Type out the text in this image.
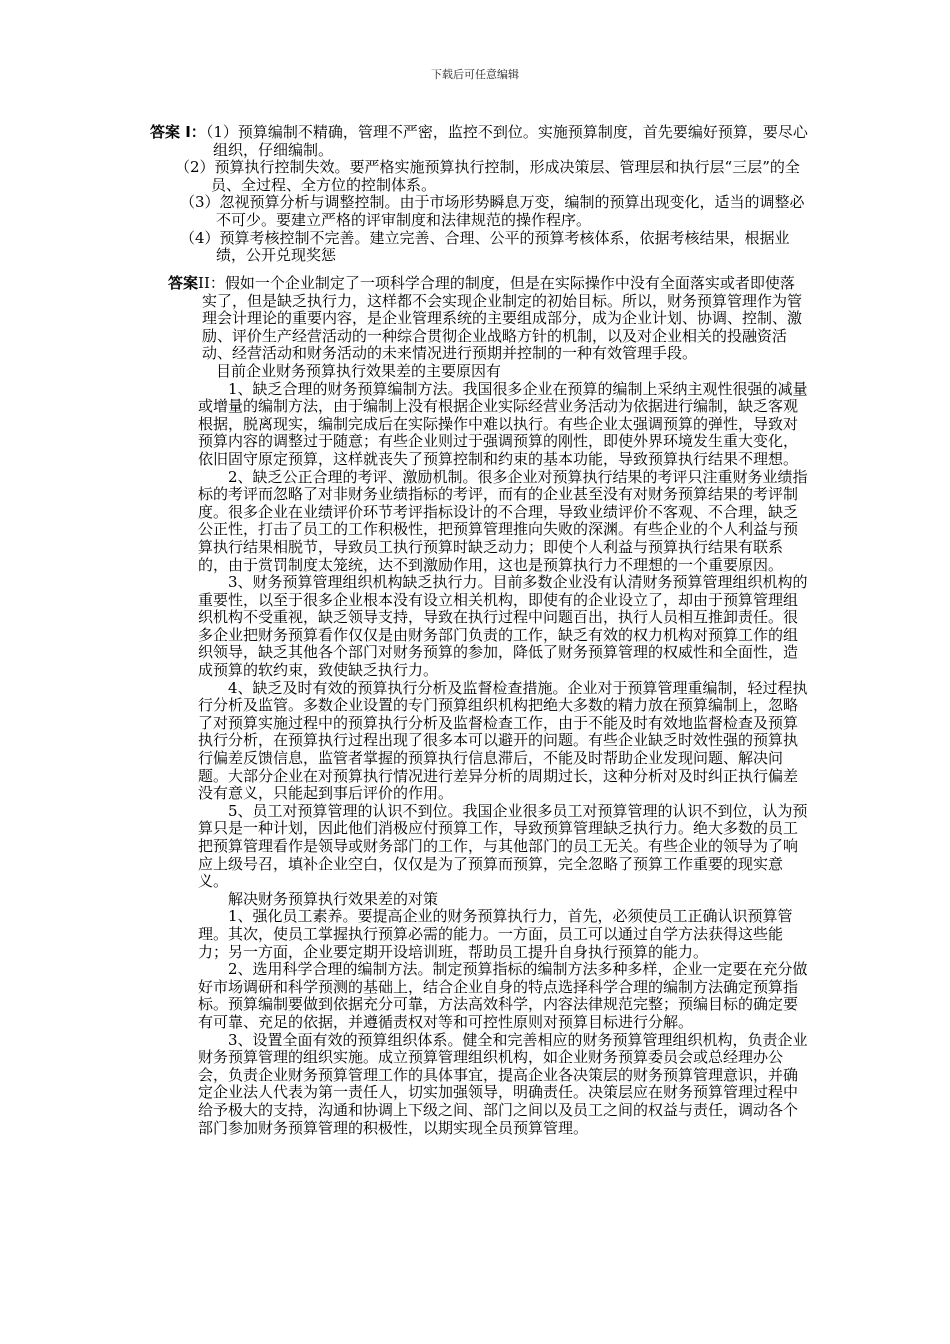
下载后可任意编辑

答案 I：（1）预算编制不精确，管理不严密，监控不到位。实施预算制度，首先要编好预算，要尽心组织，仔细编制。

（2）预算执行控制失效。要严格实施预算执行控制，形成决策层、管理层和执行层“三层”的全员、全过程、全方位的控制体系。

（3）忽视预算分析与调整控制。由于市场形势瞬息万变，编制的预算出现变化，适当的调整必不可少。要建立严格的评审制度和法律规范的操作程序。

（4）预算考核控制不完善。建立完善、合理、公平的预算考核体系，依据考核结果，根据业绩，公开兑现奖惩

答案II：假如一个企业制定了一项科学合理的制度，但是在实际操作中没有全面落实或者即使落实了，但是缺乏执行力，这样都不会实现企业制定的初始目标。所以，财务预算管理作为管理会计理论的重要内容，是企业管理系统的主要组成部分，成为企业计划、协调、控制、激励、评价生产经营活动的一种综合贯彻企业战略方针的机制，以及对企业相关的投融资活动、经营活动和财务活动的未来情况进行预期并控制的一种有效管理手段。

目前企业财务预算执行效果差的主要原因有

1、缺乏合理的财务预算编制方法。我国很多企业在预算的编制上采纳主观性很强的减量或增量的编制方法，由于编制上没有根据企业实际经营业务活动为依据进行编制，缺乏客观根据，脱离现实，编制完成后在实际操作中难以执行。有些企业太强调预算的弹性，导致对预算内容的调整过于随意；有些企业则过于强调预算的刚性，即使外界环境发生重大变化，依旧固守原定预算，这样就丧失了预算控制和约束的基本功能，导致预算执行结果不理想。

2、缺乏公正合理的考评、激励机制。很多企业对预算执行结果的考评只注重财务业绩指标的考评而忽略了对非财务业绩指标的考评，而有的企业甚至没有对财务预算结果的考评制度。很多企业在业绩评价环节考评指标设计的不合理，导致业绩评价不客观、不合理，缺乏公正性，打击了员工的工作积极性，把预算管理推向失败的深渊。有些企业的个人利益与预算执行结果相脱节，导致员工执行预算时缺乏动力；即使个人利益与预算执行结果有联系的，由于赏罚制度太笼统，达不到激励作用，这也是预算执行力不理想的一个重要原因。

3、财务预算管理组织机构缺乏执行力。目前多数企业没有认清财务预算管理组织机构的重要性，以至于很多企业根本没有设立相关机构，即使有的企业设立了，却由于预算管理组织机构不受重视，缺乏领导支持，导致在执行过程中问题百出，执行人员相互推卸责任。很多企业把财务预算看作仅仅是由财务部门负责的工作，缺乏有效的权力机构对预算工作的组织领导，缺乏其他各个部门对财务预算的参加，降低了财务预算管理的权威性和全面性，造成预算的软约束，致使缺乏执行力。

4、缺乏及时有效的预算执行分析及监督检查措施。企业对于预算管理重编制，轻过程执行分析及监管。多数企业设置的专门预算组织机构把绝大多数的精力放在预算编制上，忽略了对预算实施过程中的预算执行分析及监督检查工作，由于不能及时有效地监督检查及预算执行分析，在预算执行过程出现了很多本可以避开的问题。有些企业缺乏时效性强的预算执行偏差反馈信息，监管者掌握的预算执行信息滞后，不能及时帮助企业发现问题、解决问题。大部分企业在对预算执行情况进行差异分析的周期过长，这种分析对及时纠正执行偏差没有意义，只能起到事后评价的作用。

5、员工对预算管理的认识不到位。我国企业很多员工对预算管理的认识不到位，认为预算只是一种计划，因此他们消极应付预算工作，导致预算管理缺乏执行力。绝大多数的员工把预算管理看作是领导或财务部门的工作，与其他部门的员工无关。有些企业的领导为了响应上级号召，填补企业空白，仅仅是为了预算而预算，完全忽略了预算工作重要的现实意义。

解决财务预算执行效果差的对策

1、强化员工素养。要提高企业的财务预算执行力，首先，必须使员工正确认识预算管理。其次，使员工掌握执行预算必需的能力。一方面，员工可以通过自学方法获得这些能力；另一方面，企业要定期开设培训班，帮助员工提升自身执行预算的能力。

2、选用科学合理的编制方法。制定预算指标的编制方法多种多样，企业一定要在充分做好市场调研和科学预测的基础上，结合企业自身的特点选择科学合理的编制方法确定预算指标。预算编制要做到依据充分可靠，方法高效科学，内容法律规范完整；预编目标的确定要有可靠、充足的依据，并遵循责权对等和可控性原则对预算目标进行分解。

3、设置全面有效的预算组织体系。健全和完善相应的财务预算管理组织机构，负责企业财务预算管理的组织实施。成立预算管理组织机构，如企业财务预算委员会或总经理办公会，负责企业财务预算管理工作的具体事宜，提高企业各决策层的财务预算管理意识，并确定企业法人代表为第一责任人，切实加强领导，明确责任。决策层应在财务预算管理过程中给予极大的支持，沟通和协调上下级之间、部门之间以及员工之间的权益与责任，调动各个部门参加财务预算管理的积极性，以期实现全员预算管理。
